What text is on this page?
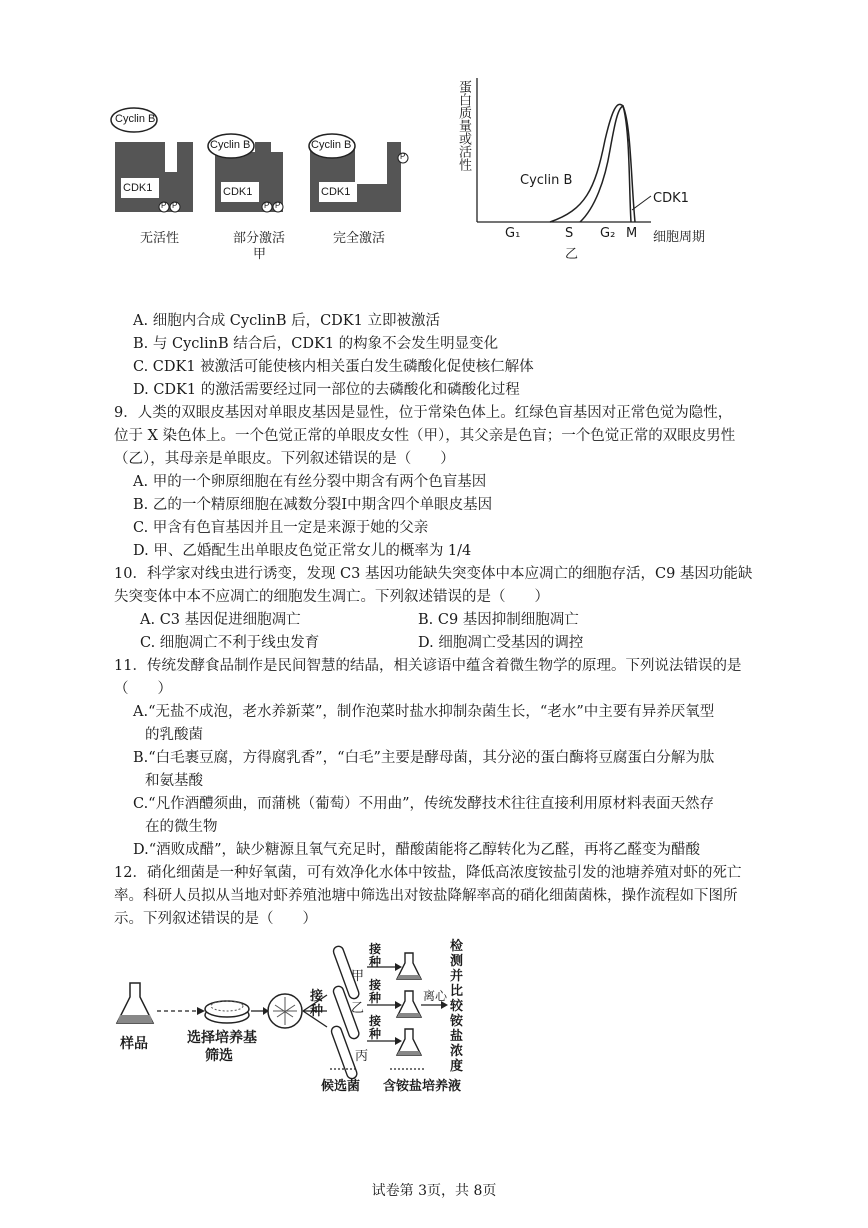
Cyclin B
Cyclin B	Cyclin B
CDK1	CDK1	CDK1
P P	P P
P
无活性	部分激活	完全激活
甲
蛋白质量或活性
Cyclin B
CDK1
G₁	S G₂ M 细胞周期
乙
A. 细胞内合成 CyclinB 后，CDK1 立即被激活
B. 与 CyclinB 结合后，CDK1 的构象不会发生明显变化
C. CDK1 被激活可能使核内相关蛋白发生磷酸化促使核仁解体
D. CDK1 的激活需要经过同一部位的去磷酸化和磷酸化过程
9．人类的双眼皮基因对单眼皮基因是显性，位于常染色体上。红绿色盲基因对正常色觉为隐性，
位于 X 染色体上。一个色觉正常的单眼皮女性（甲），其父亲是色盲；一个色觉正常的双眼皮男性
（乙），其母亲是单眼皮。下列叙述错误的是（　　）
A. 甲的一个卵原细胞在有丝分裂中期含有两个色盲基因
B. 乙的一个精原细胞在减数分裂Ⅰ中期含四个单眼皮基因
C. 甲含有色盲基因并且一定是来源于她的父亲
D. 甲、乙婚配生出单眼皮色觉正常女儿的概率为 1/4
10．科学家对线虫进行诱变，发现 C3 基因功能缺失突变体中本应凋亡的细胞存活，C9 基因功能缺
失突变体中本不应凋亡的细胞发生凋亡。下列叙述错误的是（　　）
A. C3 基因促进细胞凋亡	B. C9 基因抑制细胞凋亡
C. 细胞凋亡不利于线虫发育	D. 细胞凋亡受基因的调控
11．传统发酵食品制作是民间智慧的结晶，相关谚语中蕴含着微生物学的原理。下列说法错误的是
（　　）
A.“无盐不成泡，老水养新菜”，制作泡菜时盐水抑制杂菌生长，“老水”中主要有异养厌氧型
的乳酸菌
B.“白毛裹豆腐，方得腐乳香”，“白毛”主要是酵母菌，其分泌的蛋白酶将豆腐蛋白分解为肽
和氨基酸
C.“凡作酒醴须曲，而蒲桃（葡萄）不用曲”，传统发酵技术往往直接利用原材料表面天然存
在的微生物
D.“酒败成醋”，缺少糖源且氧气充足时，醋酸菌能将乙醇转化为乙醛，再将乙醛变为醋酸
12．硝化细菌是一种好氧菌，可有效净化水体中铵盐，降低高浓度铵盐引发的池塘养殖对虾的死亡
率。科研人员拟从当地对虾养殖池塘中筛选出对铵盐降解率高的硝化细菌菌株，操作流程如下图所
示。下列叙述错误的是（　　）
样品	选择培养基
筛选
接种
甲
乙
丙
接种
接种
接种
离心
候选菌 含铵盐培养液
检测并比较铵盐浓度
试卷第 3页，共 8页
